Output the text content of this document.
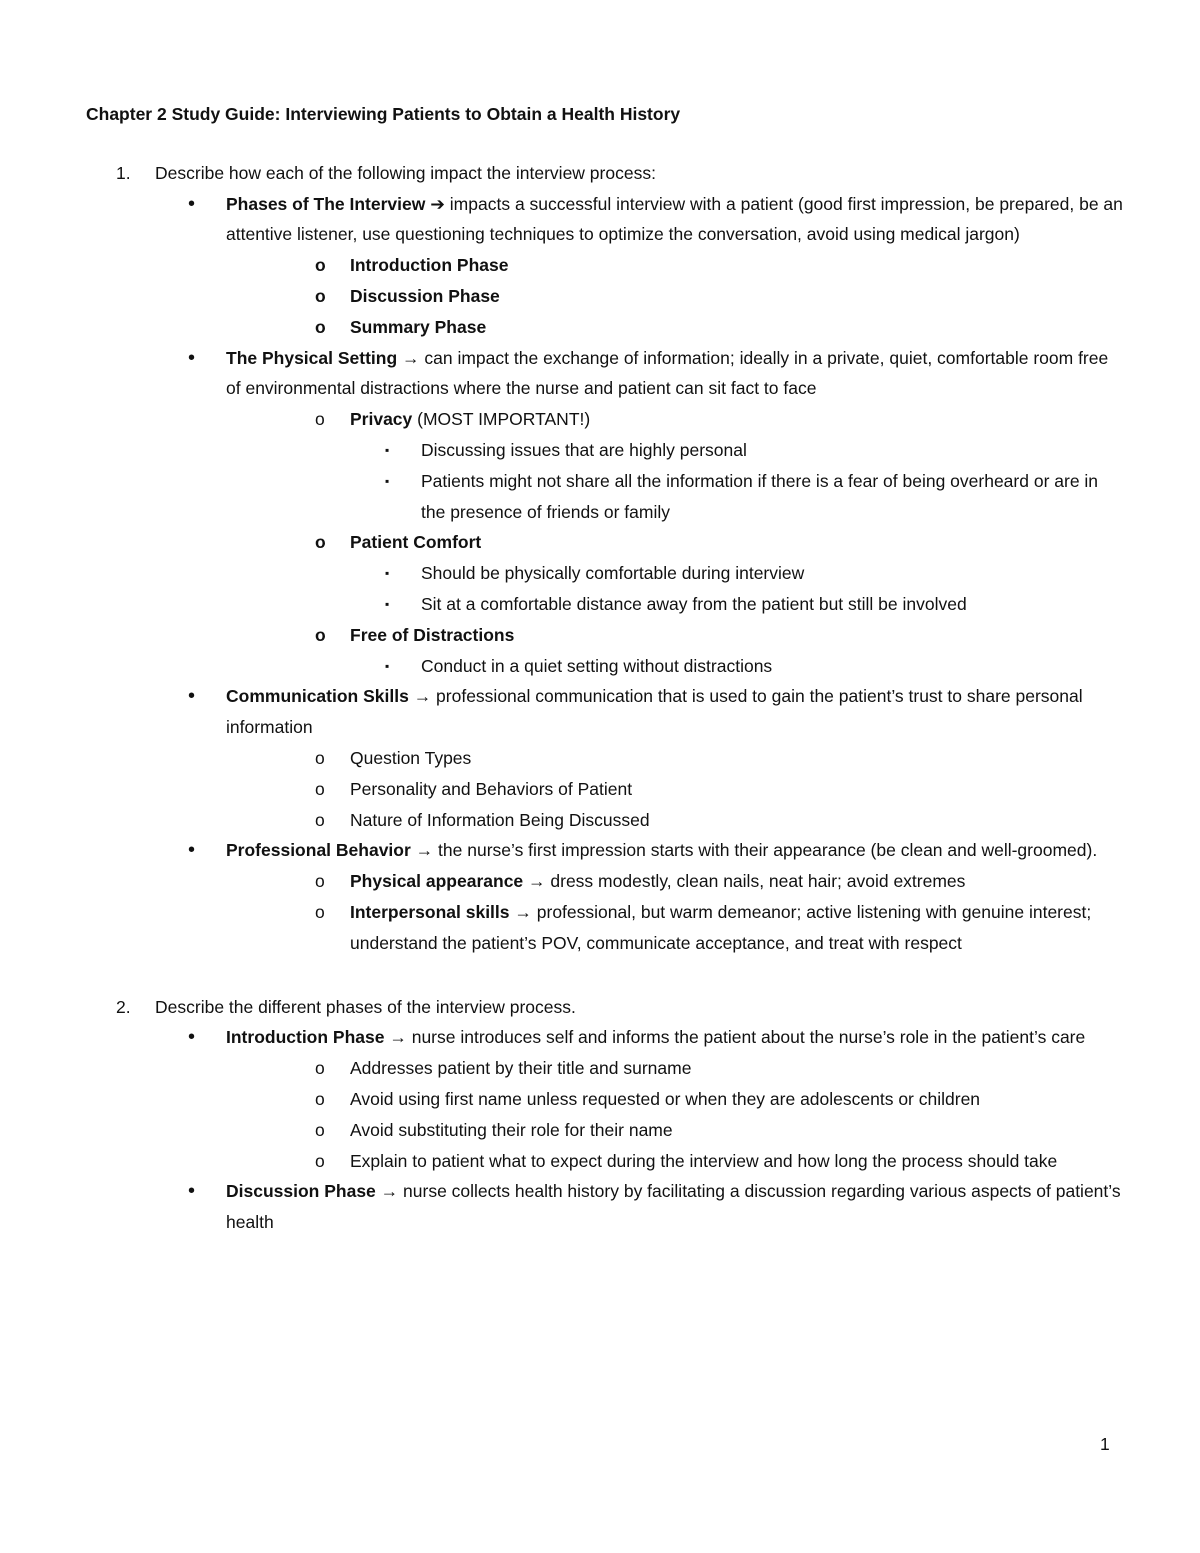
Chapter 2 Study Guide: Interviewing Patients to Obtain a Health History
1. Describe how each of the following impact the interview process:
• Phases of The Interview ➔ impacts a successful interview with a patient (good first impression, be prepared, be an attentive listener, use questioning techniques to optimize the conversation, avoid using medical jargon)
o Introduction Phase
o Discussion Phase
o Summary Phase
• The Physical Setting → can impact the exchange of information; ideally in a private, quiet, comfortable room free of environmental distractions where the nurse and patient can sit fact to face
o Privacy (MOST IMPORTANT!)
▪ Discussing issues that are highly personal
▪ Patients might not share all the information if there is a fear of being overheard or are in the presence of friends or family
o Patient Comfort
▪ Should be physically comfortable during interview
▪ Sit at a comfortable distance away from the patient but still be involved
o Free of Distractions
▪ Conduct in a quiet setting without distractions
• Communication Skills → professional communication that is used to gain the patient’s trust to share personal information
o Question Types
o Personality and Behaviors of Patient
o Nature of Information Being Discussed
• Professional Behavior → the nurse’s first impression starts with their appearance (be clean and well-groomed).
o Physical appearance → dress modestly, clean nails, neat hair; avoid extremes
o Interpersonal skills → professional, but warm demeanor; active listening with genuine interest; understand the patient’s POV, communicate acceptance, and treat with respect
2. Describe the different phases of the interview process.
• Introduction Phase → nurse introduces self and informs the patient about the nurse’s role in the patient’s care
o Addresses patient by their title and surname
o Avoid using first name unless requested or when they are adolescents or children
o Avoid substituting their role for their name
o Explain to patient what to expect during the interview and how long the process should take
• Discussion Phase → nurse collects health history by facilitating a discussion regarding various aspects of patient’s health
1
